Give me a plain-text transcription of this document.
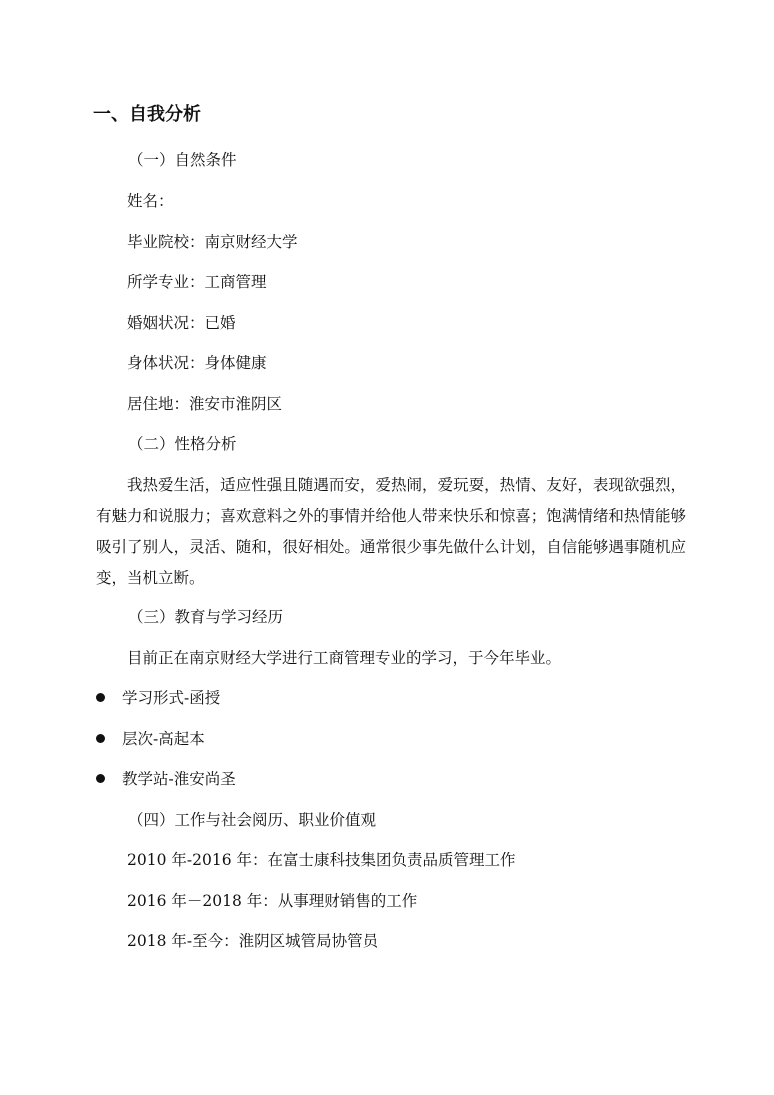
一、自我分析
（一）自然条件
姓名：
毕业院校：南京财经大学
所学专业：工商管理
婚姻状况：已婚
身体状况：身体健康
居住地：淮安市淮阴区
（二）性格分析
我热爱生活，适应性强且随遇而安，爱热闹，爱玩耍，热情、友好，表现欲强烈，有魅力和说服力；喜欢意料之外的事情并给他人带来快乐和惊喜；饱满情绪和热情能够吸引了别人，灵活、随和，很好相处。通常很少事先做什么计划，自信能够遇事随机应变，当机立断。
（三）教育与学习经历
目前正在南京财经大学进行工商管理专业的学习，于今年毕业。
学习形式-函授
层次-高起本
教学站-淮安尚圣
（四）工作与社会阅历、职业价值观
2010 年-2016 年：在富士康科技集团负责品质管理工作
2016 年－2018 年：从事理财销售的工作
2018 年-至今：淮阴区城管局协管员
